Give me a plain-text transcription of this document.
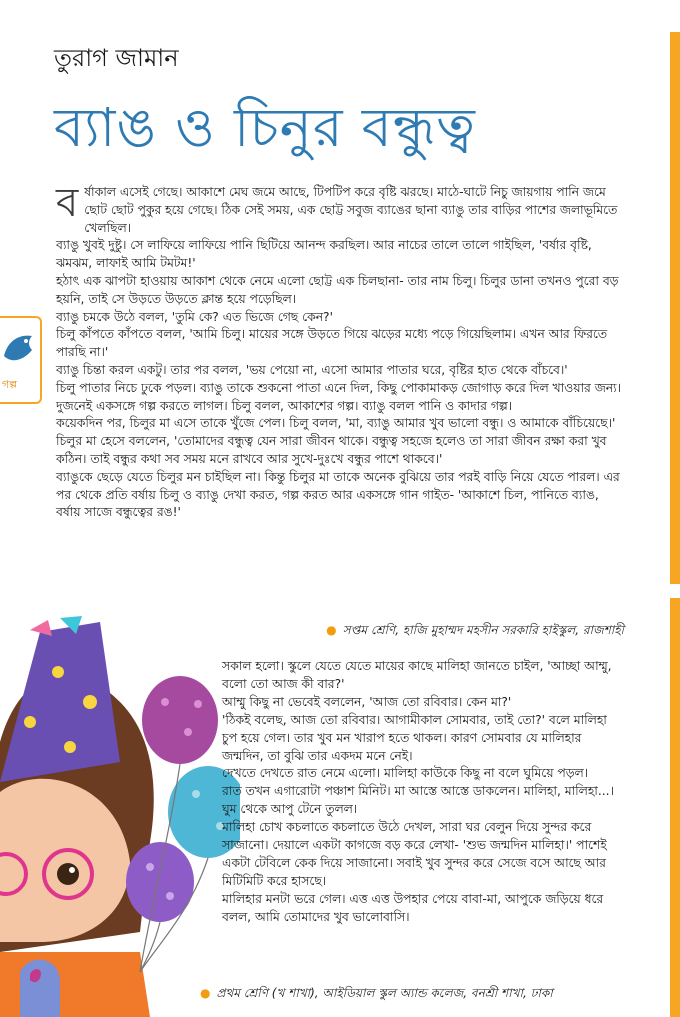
তুরাগ জামান
ব্যাঙ ও চিনুর বন্ধুত্ব
গল্প

বর্ষাকাল এসেই গেছে। আকাশে মেঘ জমে আছে, টিপটিপ করে বৃষ্টি ঝরছে। মাঠে-ঘাটে নিচু জায়গায় পানি জমে ছোট ছোট পুকুর হয়ে গেছে। ঠিক সেই সময়, এক ছোট্ট সবুজ ব্যাঙের ছানা ব্যাঙু তার বাড়ির পাশের জলাভূমিতে খেলছিল।

ব্যাঙু খুবই দুষ্টু। সে লাফিয়ে লাফিয়ে পানি ছিটিয়ে আনন্দ করছিল। আর নাচের তালে তালে গাইছিল, 'বর্ষার বৃষ্টি, ঝমঝম, লাফাই আমি টমটম!'

হঠাৎ এক ঝাপটা হাওয়ায় আকাশ থেকে নেমে এলো ছোট্ট এক চিলছানা- তার নাম চিলু। চিলুর ডানা তখনও পুরো বড় হয়নি, তাই সে উড়তে উড়তে ক্লান্ত হয়ে পড়েছিল।

ব্যাঙু চমকে উঠে বলল, 'তুমি কে? এত ভিজে গেছ কেন?'

চিলু কাঁপতে কাঁপতে বলল, 'আমি চিলু। মায়ের সঙ্গে উড়তে গিয়ে ঝড়ের মধ্যে পড়ে গিয়েছিলাম। এখন আর ফিরতে পারছি না।'

ব্যাঙু চিন্তা করল একটু। তার পর বলল, 'ভয় পেয়ো না, এসো আমার পাতার ঘরে, বৃষ্টির হাত থেকে বাঁচবে।'

চিলু পাতার নিচে ঢুকে পড়ল। ব্যাঙু তাকে শুকনো পাতা এনে দিল, কিছু পোকামাকড় জোগাড় করে দিল খাওয়ার জন্য। দুজনেই একসঙ্গে গল্প করতে লাগল। চিলু বলল, আকাশের গল্প। ব্যাঙু বলল পানি ও কাদার গল্প।

কয়েকদিন পর, চিলুর মা এসে তাকে খুঁজে পেল। চিলু বলল, 'মা, ব্যাঙু আমার খুব ভালো বন্ধু। ও আমাকে বাঁচিয়েছে।'

চিলুর মা হেসে বললেন, 'তোমাদের বন্ধুত্ব যেন সারা জীবন থাকে। বন্ধুত্ব সহজে হলেও তা সারা জীবন রক্ষা করা খুব কঠিন। তাই বন্ধুর কথা সব সময় মনে রাখবে আর সুখে-দুঃখে বন্ধুর পাশে থাকবে।'

ব্যাঙুকে ছেড়ে যেতে চিলুর মন চাইছিল না। কিন্তু চিলুর মা তাকে অনেক বুঝিয়ে তার পরই বাড়ি নিয়ে যেতে পারল। এর পর থেকে প্রতি বর্ষায় চিলু ও ব্যাঙু দেখা করত, গল্প করত আর একসঙ্গে গান গাইত- 'আকাশে চিল, পানিতে ব্যাঙ, বর্ষায় সাজে বন্ধুত্বের রঙ!'

● সপ্তম শ্রেণি, হাজি মুহাম্মদ মহসীন সরকারি হাইস্কুল, রাজশাহী

সকাল হলো। স্কুলে যেতে যেতে মায়ের কাছে মালিহা জানতে চাইল, 'আচ্ছা আম্মু, বলো তো আজ কী বার?'

আম্মু কিছু না ভেবেই বললেন, 'আজ তো রবিবার। কেন মা?'

'ঠিকই বলেছ, আজ তো রবিবার। আগামীকাল সোমবার, তাই তো?' বলে মালিহা চুপ হয়ে গেল। তার খুব মন খারাপ হতে থাকল। কারণ সোমবার যে মালিহার জন্মদিন, তা বুঝি তার একদম মনে নেই।

দেখতে দেখতে রাত নেমে এলো। মালিহা কাউকে কিছু না বলে ঘুমিয়ে পড়ল।

রাত তখন এগারোটা পঞ্চাশ মিনিট। মা আস্তে আস্তে ডাকলেন। মালিহা, মালিহা...। ঘুম থেকে আপু টেনে তুলল।

মালিহা চোখ কচলাতে কচলাতে উঠে দেখল, সারা ঘর বেলুন দিয়ে সুন্দর করে সাজানো। দেয়ালে একটা কাগজে বড় করে লেখা- 'শুভ জন্মদিন মালিহা।' পাশেই একটা টেবিলে কেক দিয়ে সাজানো। সবাই খুব সুন্দর করে সেজে বসে আছে আর মিটিমিটি করে হাসছে।

মালিহার মনটা ভরে গেল। এত্ত এত্ত উপহার পেয়ে বাবা-মা, আপুকে জড়িয়ে ধরে বলল, আমি তোমাদের খুব ভালোবাসি।

● প্রথম শ্রেণি (খ শাখা), আইডিয়াল স্কুল অ্যান্ড কলেজ, বনশ্রী শাখা, ঢাকা
